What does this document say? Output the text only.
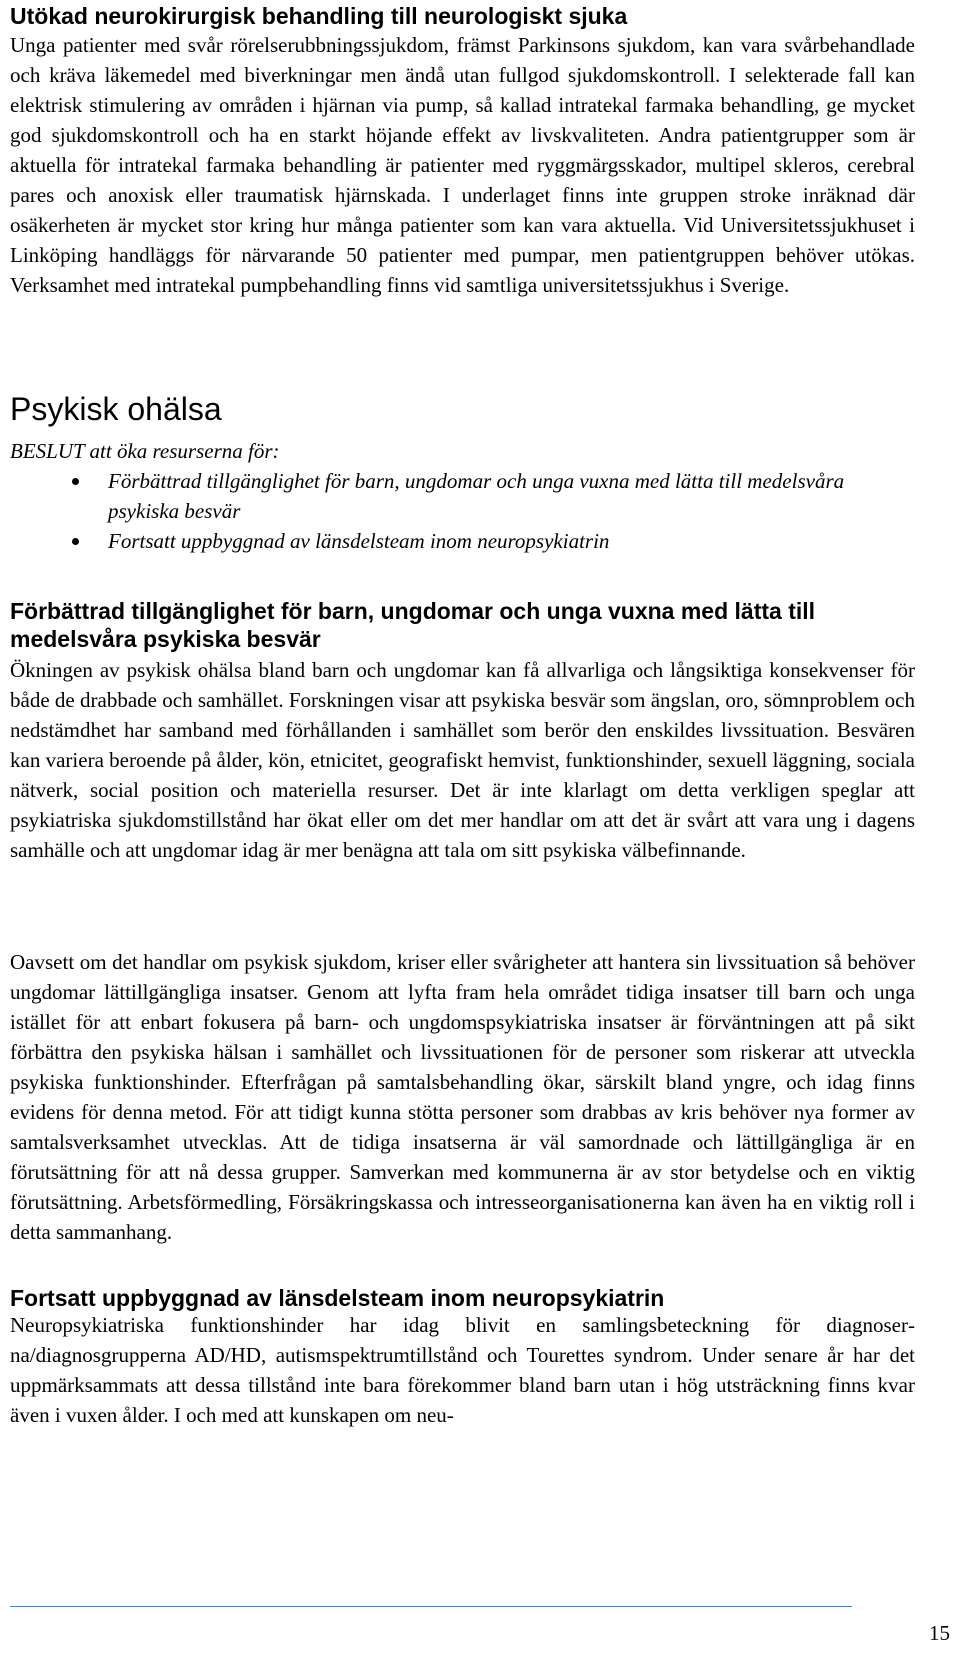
Utökad neurokirurgisk behandling till neurologiskt sjuka

Unga patienter med svår rörelserubbningssjukdom, främst Parkinsons sjukdom, kan vara svårbehandlade och kräva läkemedel med biverkningar men ändå utan fullgod sjukdomskontroll. I selekterade fall kan elektrisk stimulering av områden i hjärnan via pump, så kallad intratekal farmaka behandling, ge mycket god sjukdomskontroll och ha en starkt höjande effekt av livskvaliteten. Andra patientgrupper som är aktuella för intratekal farmaka behandling är patienter med ryggmärgsskador, multipel skleros, cerebral pares och anoxisk eller traumatisk hjärnskada. I underlaget finns inte gruppen stroke inräknad där osäkerheten är mycket stor kring hur många patienter som kan vara aktuella. Vid Universitetssjukhuset i Linköping handläggs för närvarande 50 patienter med pumpar, men patientgruppen behöver utökas. Verksamhet med intratekal pumpbehandling finns vid samtliga universitetssjukhus i Sverige.

Psykisk ohälsa

BESLUT att öka resurserna för:

Förbättrad tillgänglighet för barn, ungdomar och unga vuxna med lätta till medelsvåra psykiska besvär
Fortsatt uppbyggnad av länsdelsteam inom neuropsykiatrin
Förbättrad tillgänglighet för barn, ungdomar och unga vuxna med lätta till medelsvåra psykiska besvär

Ökningen av psykisk ohälsa bland barn och ungdomar kan få allvarliga och långsiktiga konsekvenser för både de drabbade och samhället. Forskningen visar att psykiska besvär som ängslan, oro, sömnproblem och nedstämdhet har samband med förhållanden i samhället som berör den enskildes livssituation. Besvären kan variera beroende på ålder, kön, etnicitet, geografiskt hemvist, funktionshinder, sexuell läggning, sociala nätverk, social position och materiella resurser. Det är inte klarlagt om detta verkligen speglar att psykiatriska sjukdomstillstånd har ökat eller om det mer handlar om att det är svårt att vara ung i dagens samhälle och att ungdomar idag är mer benägna att tala om sitt psykiska välbefinnande.

Oavsett om det handlar om psykisk sjukdom, kriser eller svårigheter att hantera sin livssituation så behöver ungdomar lättillgängliga insatser. Genom att lyfta fram hela området tidiga insatser till barn och unga istället för att enbart fokusera på barn- och ungdomspsykiatriska insatser är förväntningen att på sikt förbättra den psykiska hälsan i samhället och livssituationen för de personer som riskerar att utveckla psykiska funktionshinder. Efterfrågan på samtalsbehandling ökar, särskilt bland yngre, och idag finns evidens för denna metod. För att tidigt kunna stötta personer som drabbas av kris behöver nya former av samtalsverksamhet utvecklas. Att de tidiga insatserna är väl samordnade och lättillgängliga är en förutsättning för att nå dessa grupper. Samverkan med kommunerna är av stor betydelse och en viktig förutsättning. Arbetsförmedling, Försäkringskassa och intresseorganisationerna kan även ha en viktig roll i detta sammanhang.

Fortsatt uppbyggnad av länsdelsteam inom neuropsykiatrin

Neuropsykiatriska funktionshinder har idag blivit en samlingsbeteckning för diagnoserna/diagnosgrupperna AD/HD, autismspektrumtillstånd och Tourettes syndrom. Under senare år har det uppmärksammats att dessa tillstånd inte bara förekommer bland barn utan i hög utsträckning finns kvar även i vuxen ålder. I och med att kunskapen om neu-

15
